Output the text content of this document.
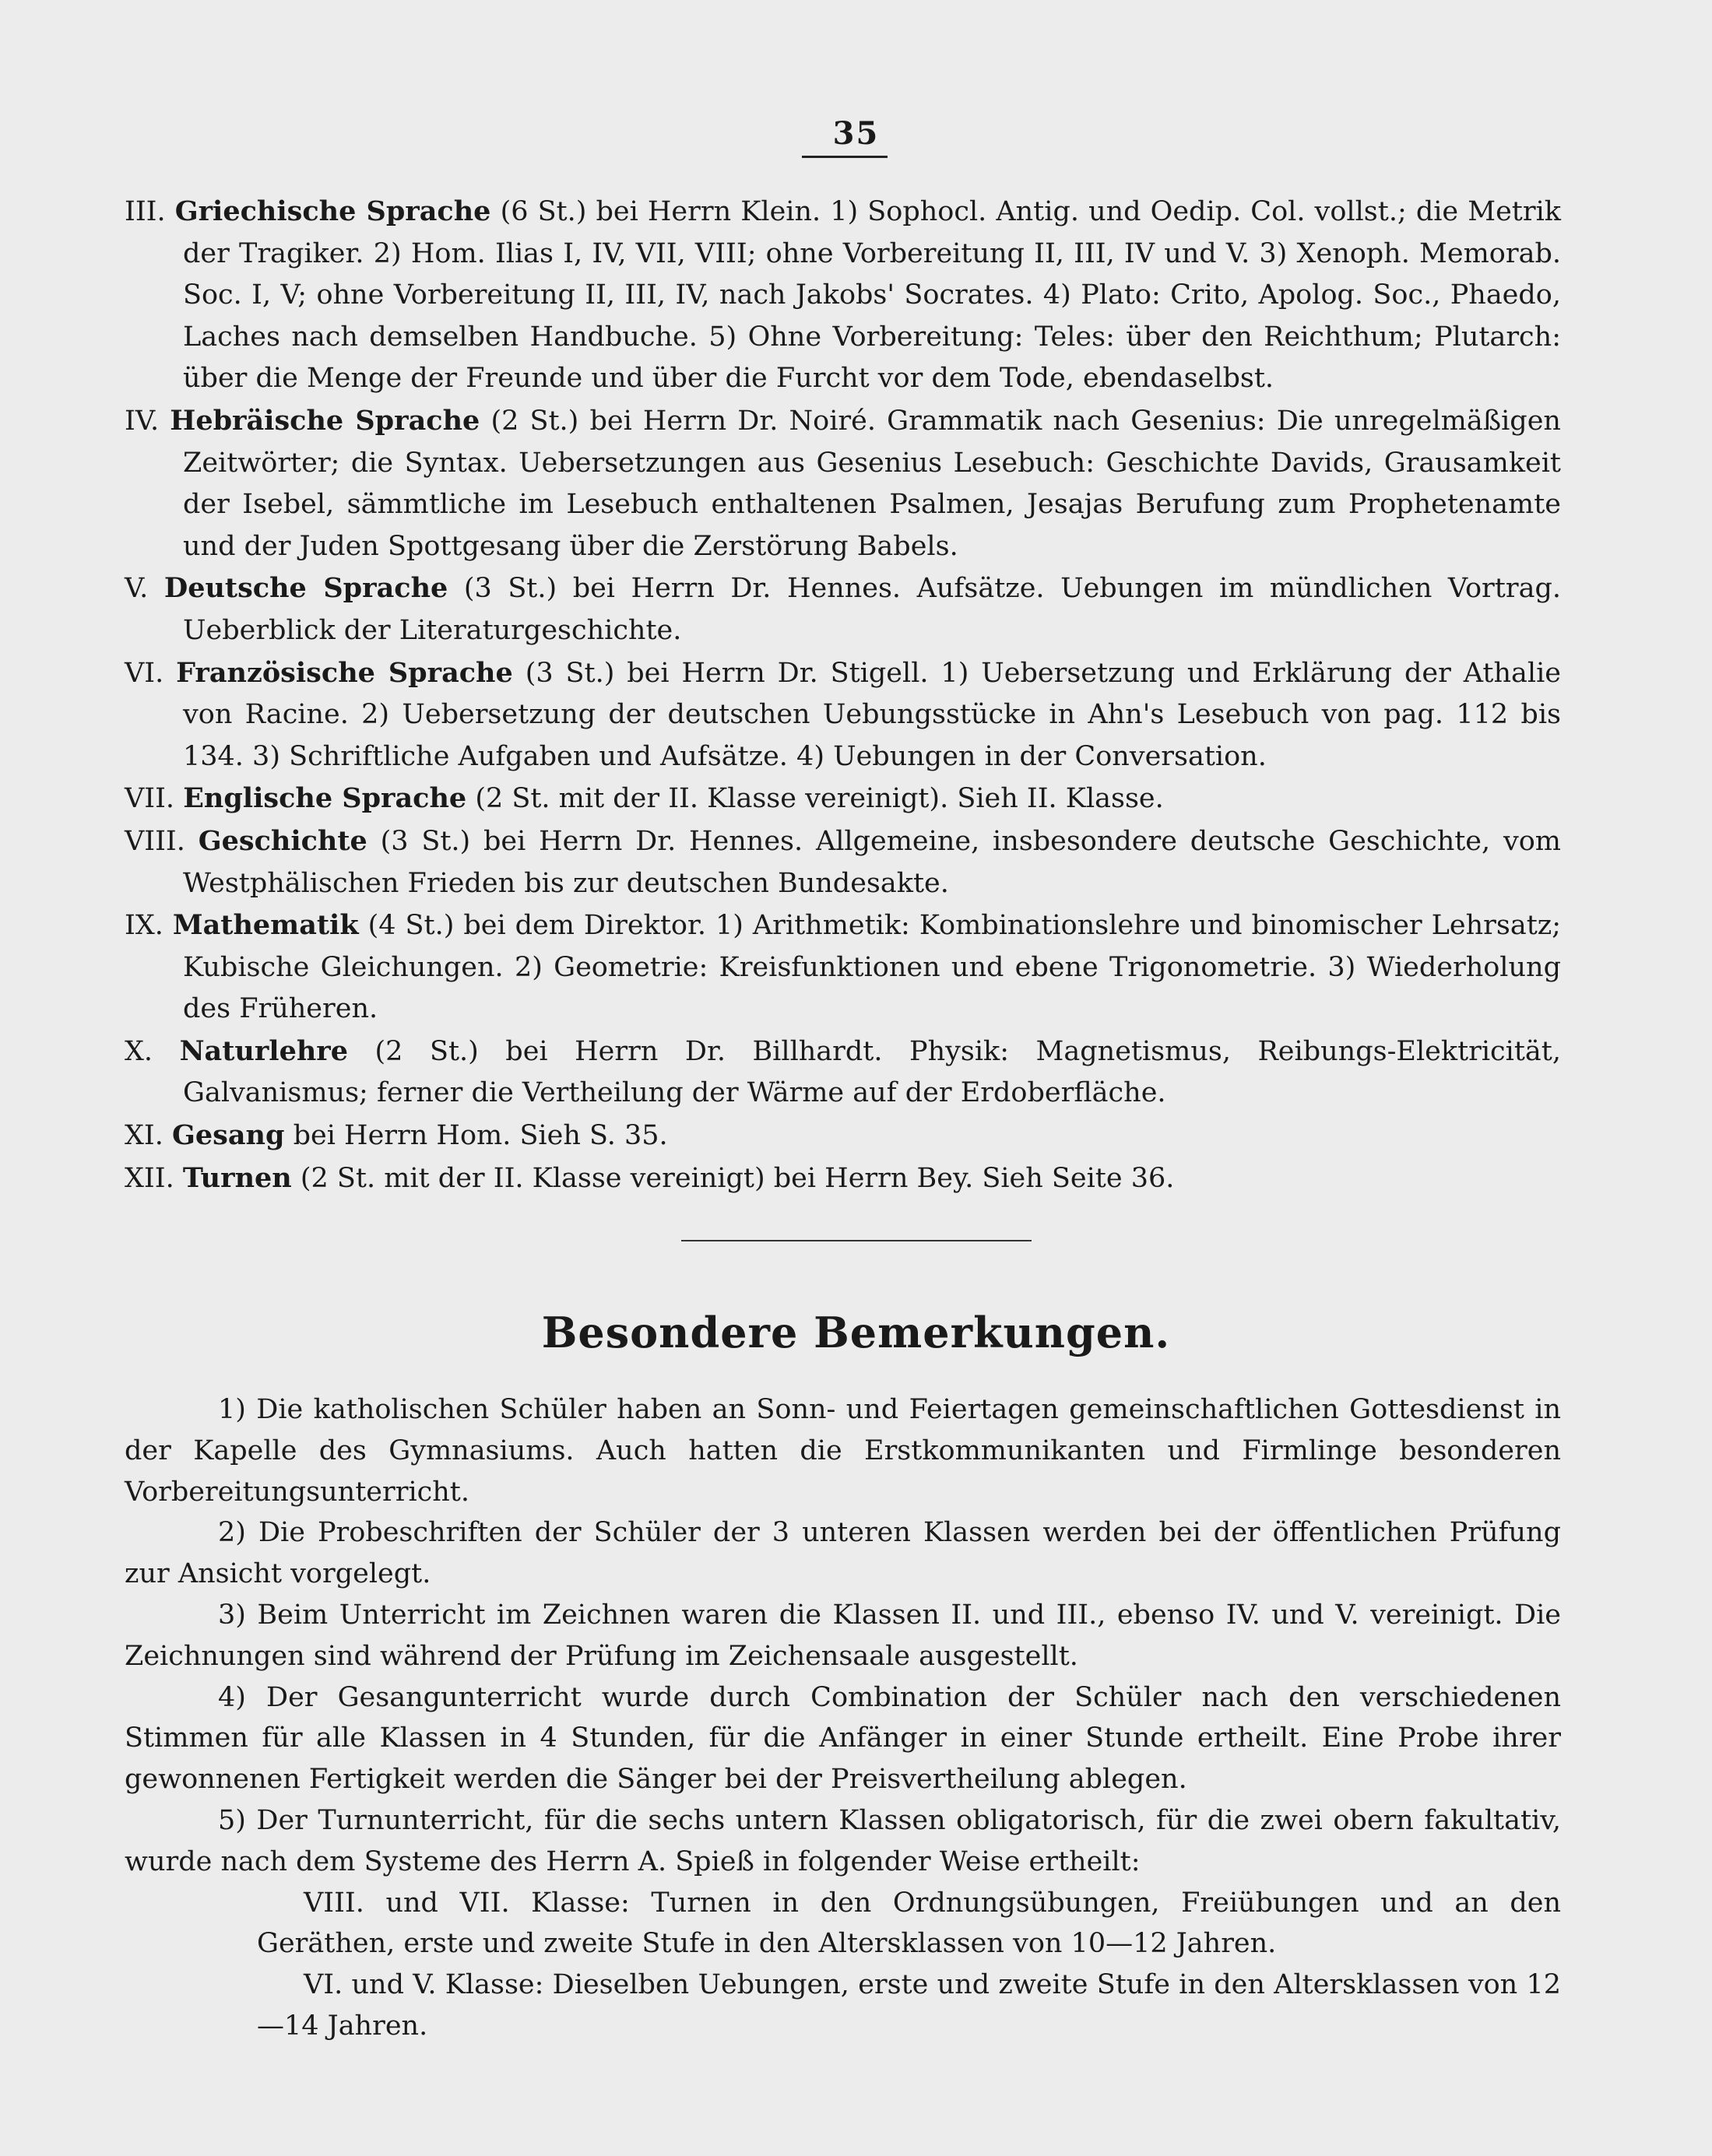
35

III. Griechische Sprache (6 St.) bei Herrn Klein. 1) Sophocl. Antig. und Oedip. Col. vollst.; die Metrik der Tragiker. 2) Hom. Ilias I, IV, VII, VIII; ohne Vorbereitung II, III, IV und V. 3) Xenoph. Memorab. Soc. I, V; ohne Vorbereitung II, III, IV, nach Jakobs' Socrates. 4) Plato: Crito, Apolog. Soc., Phaedo, Laches nach demselben Handbuche. 5) Ohne Vorbereitung: Teles: über den Reichthum; Plutarch: über die Menge der Freunde und über die Furcht vor dem Tode, ebendaselbst.

IV. Hebräische Sprache (2 St.) bei Herrn Dr. Noiré. Grammatik nach Gesenius: Die unregelmäßigen Zeitwörter; die Syntax. Uebersetzungen aus Gesenius Lesebuch: Geschichte Davids, Grausamkeit der Isebel, sämmtliche im Lesebuch enthaltenen Psalmen, Jesajas Berufung zum Prophetenamte und der Juden Spottgesang über die Zerstörung Babels.

V. Deutsche Sprache (3 St.) bei Herrn Dr. Hennes. Aufsätze. Uebungen im mündlichen Vortrag. Ueberblick der Literaturgeschichte.

VI. Französische Sprache (3 St.) bei Herrn Dr. Stigell. 1) Uebersetzung und Erklärung der Athalie von Racine. 2) Uebersetzung der deutschen Uebungsstücke in Ahn's Lesebuch von pag. 112 bis 134. 3) Schriftliche Aufgaben und Aufsätze. 4) Uebungen in der Conversation.

VII. Englische Sprache (2 St. mit der II. Klasse vereinigt). Sieh II. Klasse.

VIII. Geschichte (3 St.) bei Herrn Dr. Hennes. Allgemeine, insbesondere deutsche Geschichte, vom Westphälischen Frieden bis zur deutschen Bundesakte.

IX. Mathematik (4 St.) bei dem Direktor. 1) Arithmetik: Kombinationslehre und binomischer Lehrsatz; Kubische Gleichungen. 2) Geometrie: Kreisfunktionen und ebene Trigonometrie. 3) Wiederholung des Früheren.

X. Naturlehre (2 St.) bei Herrn Dr. Billhardt. Physik: Magnetismus, Reibungs-Elektricität, Galvanismus; ferner die Vertheilung der Wärme auf der Erdoberfläche.

XI. Gesang bei Herrn Hom. Sieh S. 35.

XII. Turnen (2 St. mit der II. Klasse vereinigt) bei Herrn Bey. Sieh Seite 36.

Besondere Bemerkungen.

1) Die katholischen Schüler haben an Sonn- und Feiertagen gemeinschaftlichen Gottesdienst in der Kapelle des Gymnasiums. Auch hatten die Erstkommunikanten und Firmlinge besonderen Vorbereitungsunterricht.

2) Die Probeschriften der Schüler der 3 unteren Klassen werden bei der öffentlichen Prüfung zur Ansicht vorgelegt.

3) Beim Unterricht im Zeichnen waren die Klassen II. und III., ebenso IV. und V. vereinigt. Die Zeichnungen sind während der Prüfung im Zeichensaale ausgestellt.

4) Der Gesangunterricht wurde durch Combination der Schüler nach den verschiedenen Stimmen für alle Klassen in 4 Stunden, für die Anfänger in einer Stunde ertheilt. Eine Probe ihrer gewonnenen Fertigkeit werden die Sänger bei der Preisvertheilung ablegen.

5) Der Turnunterricht, für die sechs untern Klassen obligatorisch, für die zwei obern fakultativ, wurde nach dem Systeme des Herrn A. Spieß in folgender Weise ertheilt:

VIII. und VII. Klasse: Turnen in den Ordnungsübungen, Freiübungen und an den Geräthen, erste und zweite Stufe in den Altersklassen von 10—12 Jahren.

VI. und V. Klasse: Dieselben Uebungen, erste und zweite Stufe in den Altersklassen von 12—14 Jahren.
